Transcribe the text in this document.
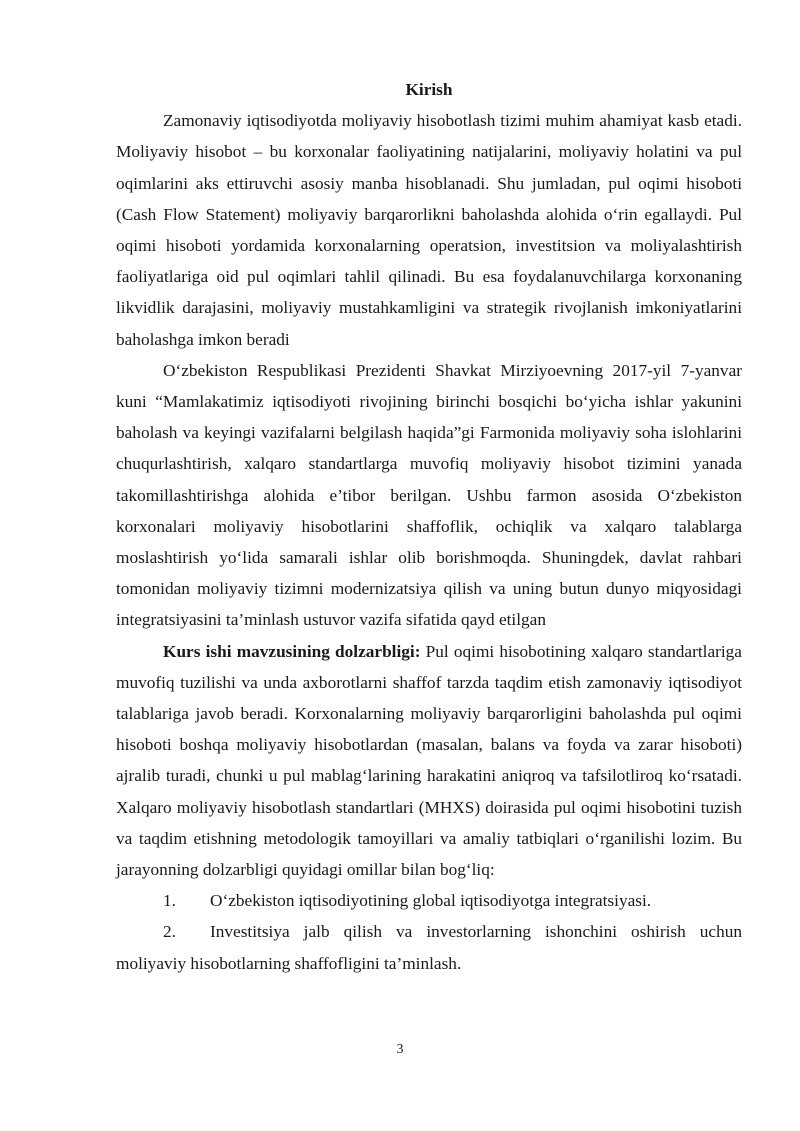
Kirish

Zamonaviy iqtisodiyotda moliyaviy hisobotlash tizimi muhim ahamiyat kasb etadi. Moliyaviy hisobot – bu korxonalar faoliyatining natijalarini, moliyaviy holatini va pul oqimlarini aks ettiruvchi asosiy manba hisoblanadi. Shu jumladan, pul oqimi hisoboti (Cash Flow Statement) moliyaviy barqarorlikni baholashda alohida oʻrin egallaydi. Pul oqimi hisoboti yordamida korxonalarning operatsion, investitsion va moliyalashtirish faoliyatlariga oid pul oqimlari tahlil qilinadi. Bu esa foydalanuvchilarga korxonaning likvidlik darajasini, moliyaviy mustahkamligini va strategik rivojlanish imkoniyatlarini baholashga imkon beradi

Oʻzbekiston Respublikasi Prezidenti Shavkat Mirziyoevning 2017-yil 7-yanvar kuni “Mamlakatimiz iqtisodiyoti rivojining birinchi bosqichi boʻyicha ishlar yakunini baholash va keyingi vazifalarni belgilash haqida”gi Farmonida moliyaviy soha islohlarini chuqurlashtirish, xalqaro standartlarga muvofiq moliyaviy hisobot tizimini yanada takomillashtirishga alohida e’tibor berilgan. Ushbu farmon asosida Oʻzbekiston korxonalari moliyaviy hisobotlarini shaffoflik, ochiqlik va xalqaro talablarga moslashtirish yoʻlida samarali ishlar olib borishmoqda. Shuningdek, davlat rahbari tomonidan moliyaviy tizimni modernizatsiya qilish va uning butun dunyo miqyosidagi integratsiyasini ta’minlash ustuvor vazifa sifatida qayd etilgan

Kurs ishi mavzusining dolzarbligi: Pul oqimi hisobotining xalqaro standartlariga muvofiq tuzilishi va unda axborotlarni shaffof tarzda taqdim etish zamonaviy iqtisodiyot talablariga javob beradi. Korxonalarning moliyaviy barqarorligini baholashda pul oqimi hisoboti boshqa moliyaviy hisobotlardan (masalan, balans va foyda va zarar hisoboti) ajralib turadi, chunki u pul mablagʻlarining harakatini aniqroq va tafsilotliroq koʻrsatadi. Xalqaro moliyaviy hisobotlash standartlari (MHXS) doirasida pul oqimi hisobotini tuzish va taqdim etishning metodologik tamoyillari va amaliy tatbiqlari oʻrganilishi lozim. Bu jarayonning dolzarbligi quyidagi omillar bilan bogʻliq:

1. Oʻzbekiston iqtisodiyotining global iqtisodiyotga integratsiyasi.

2. Investitsiya jalb qilish va investorlarning ishonchini oshirish uchun moliyaviy hisobotlarning shaffofligini ta’minlash.

3
